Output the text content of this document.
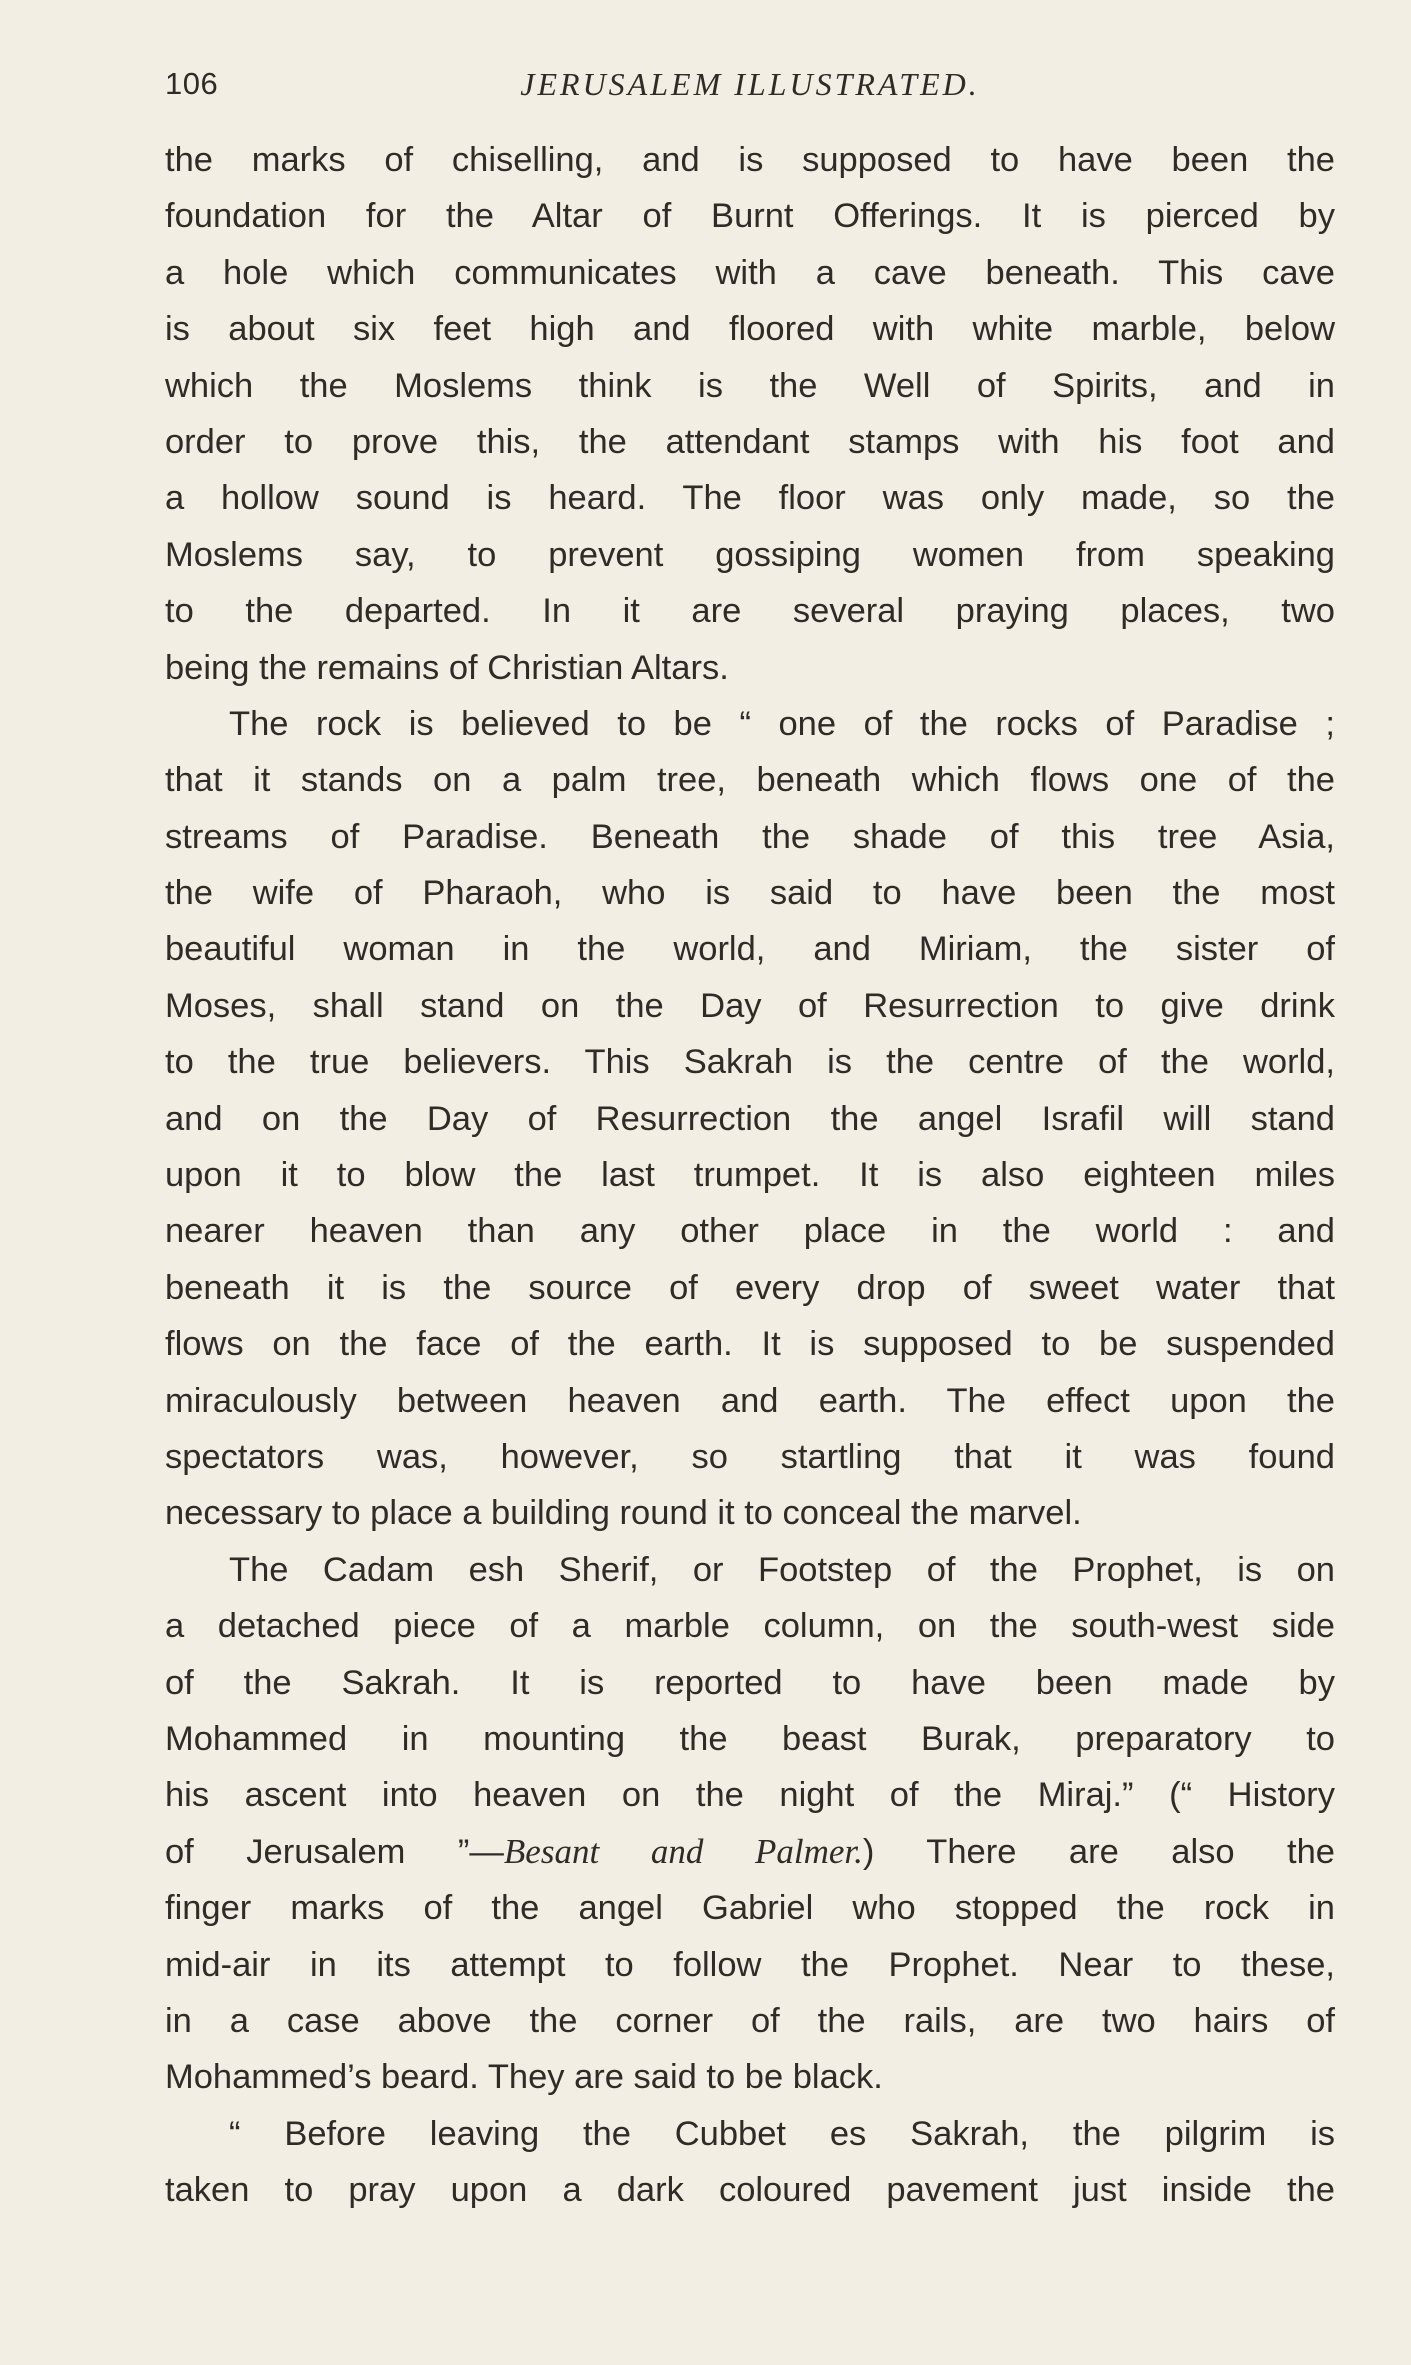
106	JERUSALEM ILLUSTRATED.
the marks of chiselling, and is supposed to have been the
foundation for the Altar of Burnt Offerings. It is pierced by
a hole which communicates with a cave beneath. This cave
is about six feet high and floored with white marble, below
which the Moslems think is the Well of Spirits, and in
order to prove this, the attendant stamps with his foot and
a hollow sound is heard. The floor was only made, so the
Moslems say, to prevent gossiping women from speaking
to the departed. In it are several praying places, two
being the remains of Christian Altars.
The rock is believed to be “ one of the rocks of Paradise ;
that it stands on a palm tree, beneath which flows one of the
streams of Paradise. Beneath the shade of this tree Asia,
the wife of Pharaoh, who is said to have been the most
beautiful woman in the world, and Miriam, the sister of
Moses, shall stand on the Day of Resurrection to give drink
to the true believers. This Sakrah is the centre of the world,
and on the Day of Resurrection the angel Israfil will stand
upon it to blow the last trumpet. It is also eighteen miles
nearer heaven than any other place in the world : and
beneath it is the source of every drop of sweet water that
flows on the face of the earth. It is supposed to be suspended
miraculously between heaven and earth. The effect upon the
spectators was, however, so startling that it was found
necessary to place a building round it to conceal the marvel.
The Cadam esh Sherif, or Footstep of the Prophet, is on
a detached piece of a marble column, on the south-west side
of the Sakrah. It is reported to have been made by
Mohammed in mounting the beast Burak, preparatory to
his ascent into heaven on the night of the Miraj.” (“ History
of Jerusalem ”—Besant and Palmer.) There are also the
finger marks of the angel Gabriel who stopped the rock in
mid-air in its attempt to follow the Prophet. Near to these,
in a case above the corner of the rails, are two hairs of
Mohammed’s beard. They are said to be black.
“ Before leaving the Cubbet es Sakrah, the pilgrim is
taken to pray upon a dark coloured pavement just inside the
